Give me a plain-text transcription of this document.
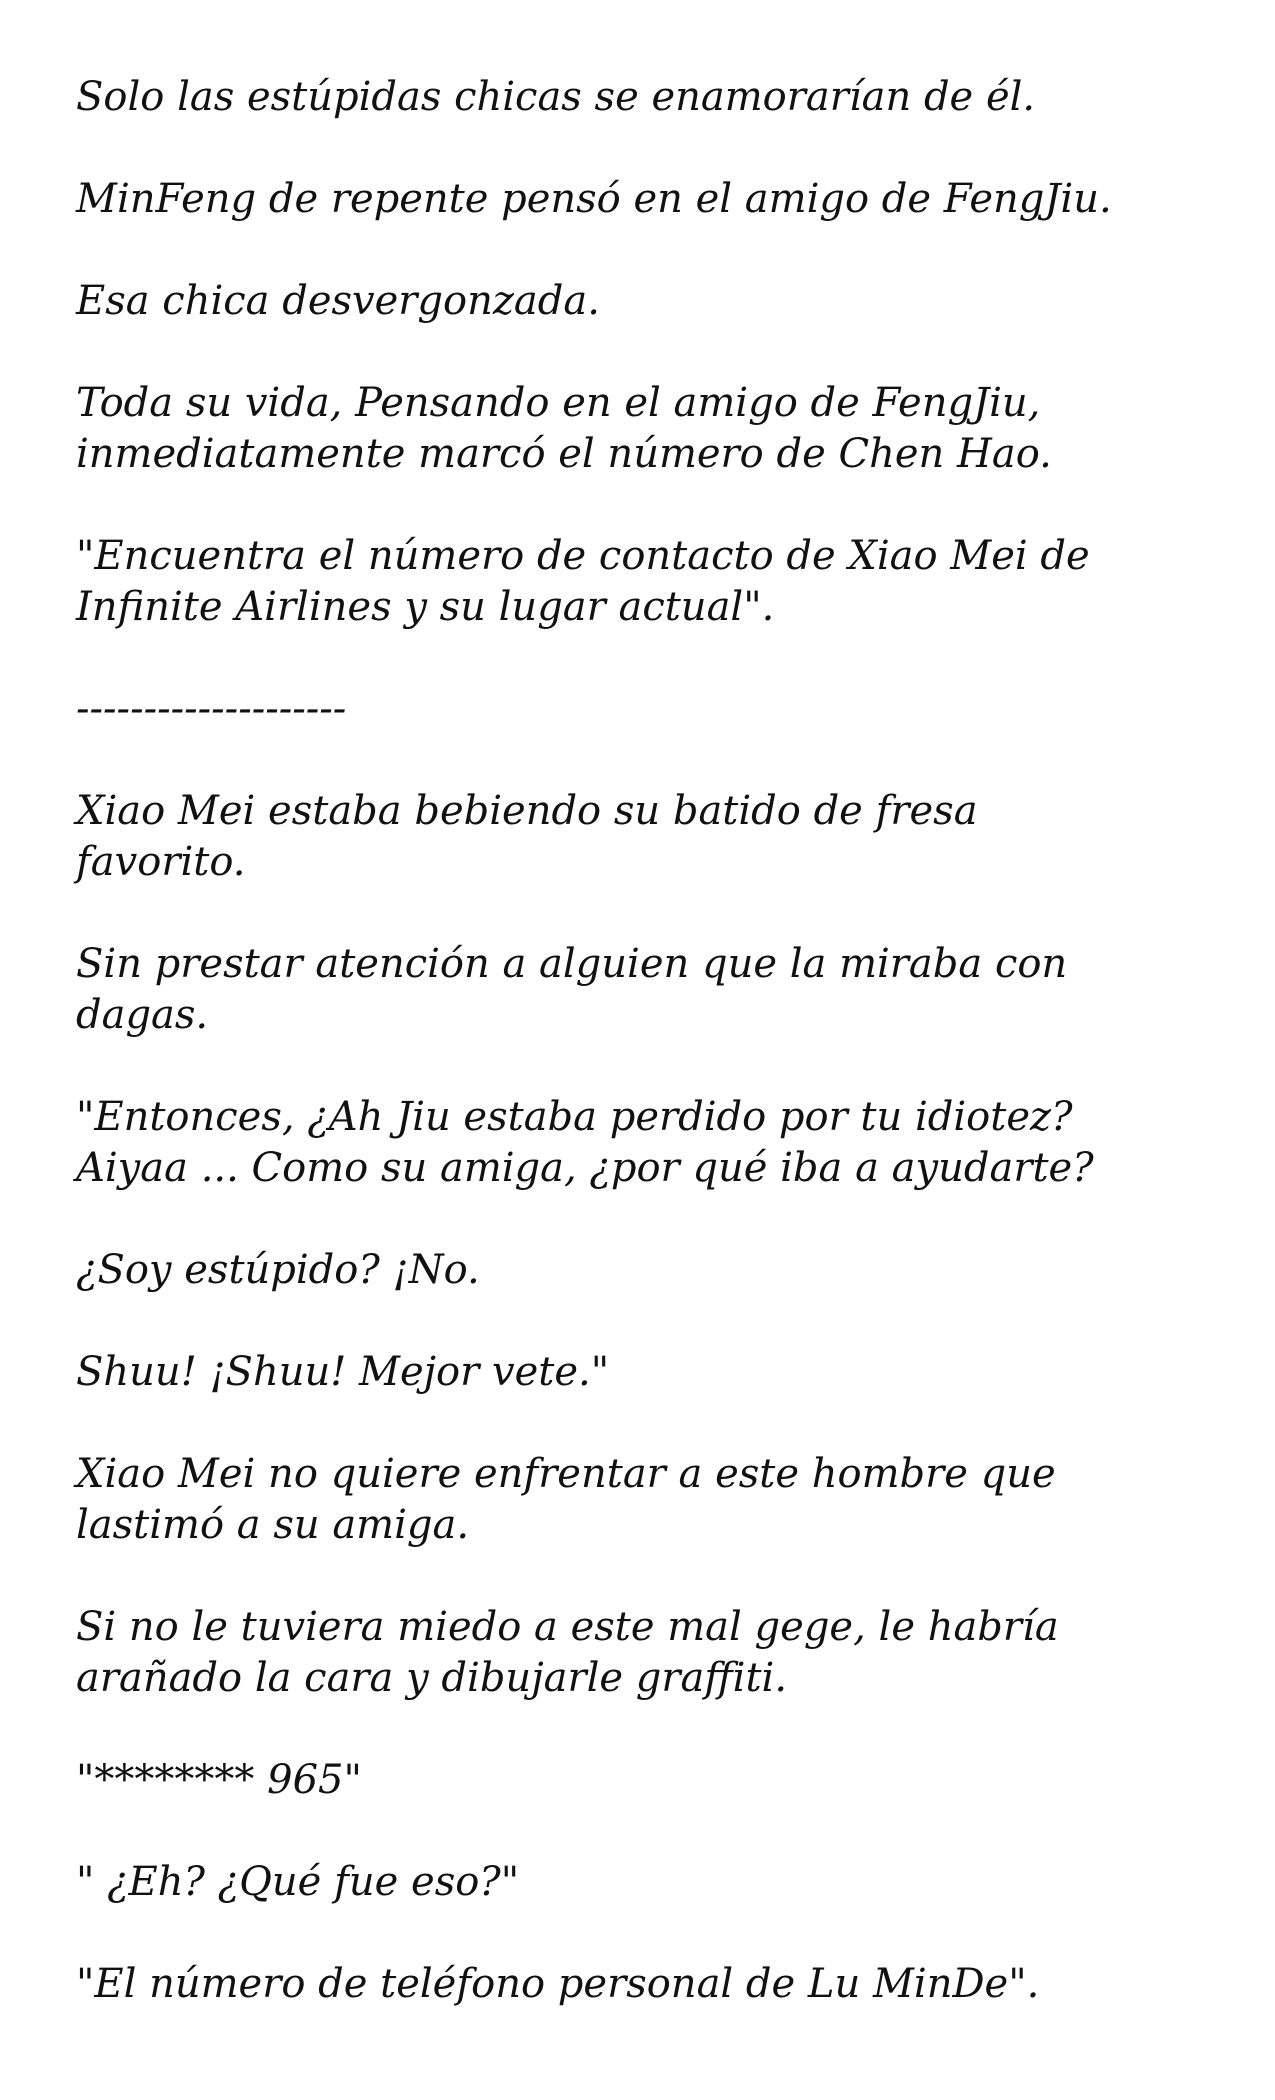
Solo las estúpidas chicas se enamorarían de él.

MinFeng de repente pensó en el amigo de FengJiu.

Esa chica desvergonzada.

Toda su vida, Pensando en el amigo de FengJiu,
inmediatamente marcó el número de Chen Hao.

"Encuentra el número de contacto de Xiao Mei de
Infinite Airlines y su lugar actual".

--------------------

Xiao Mei estaba bebiendo su batido de fresa
favorito.

Sin prestar atención a alguien que la miraba con
dagas.

"Entonces, ¿Ah Jiu estaba perdido por tu idiotez?
Aiyaa ... Como su amiga, ¿por qué iba a ayudarte?

¿Soy estúpido? ¡No.

Shuu! ¡Shuu! Mejor vete."

Xiao Mei no quiere enfrentar a este hombre que
lastimó a su amiga.

Si no le tuviera miedo a este mal gege, le habría
arañado la cara y dibujarle graffiti.

"******** 965"

" ¿Eh? ¿Qué fue eso?"

"El número de teléfono personal de Lu MinDe".
